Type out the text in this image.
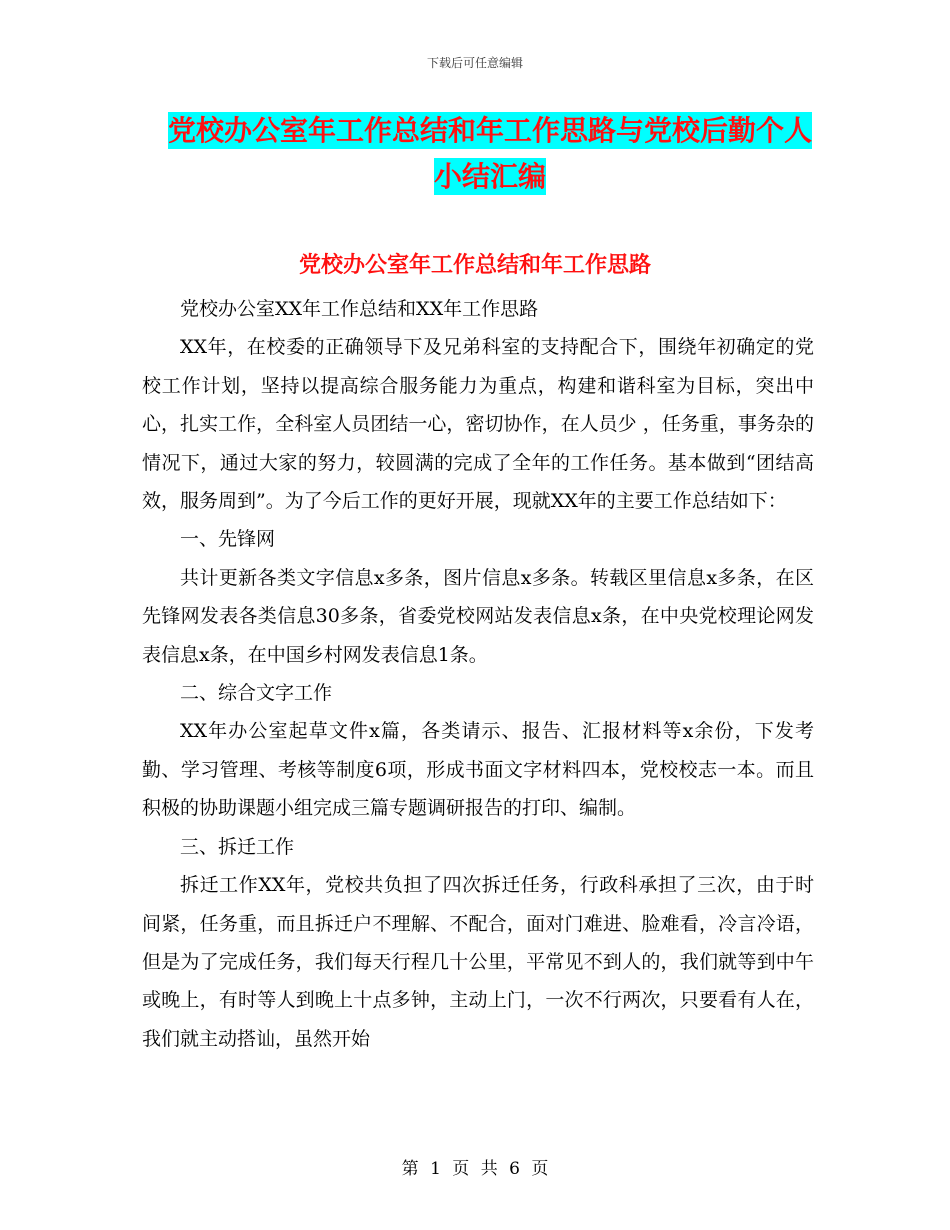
下载后可任意编辑
党校办公室年工作总结和年工作思路与党校后勤个人
小结汇编
党校办公室年工作总结和年工作思路

党校办公室XX年工作总结和XX年工作思路

XX年，在校委的正确领导下及兄弟科室的支持配合下，围绕年初确定的党校工作计划，坚持以提高综合服务能力为重点，构建和谐科室为目标，突出中心，扎实工作，全科室人员团结一心，密切协作，在人员少 ，任务重，事务杂的情况下，通过大家的努力，较圆满的完成了全年的工作任务。基本做到“团结高效，服务周到”。为了今后工作的更好开展，现就XX年的主要工作总结如下：

一、先锋网

共计更新各类文字信息x多条，图片信息x多条。转载区里信息x多条，在区先锋网发表各类信息30多条，省委党校网站发表信息x条，在中央党校理论网发表信息x条，在中国乡村网发表信息1条。

二、综合文字工作

XX年办公室起草文件x篇，各类请示、报告、汇报材料等x余份，下发考勤、学习管理、考核等制度6项，形成书面文字材料四本，党校校志一本。而且积极的协助课题小组完成三篇专题调研报告的打印、编制。

三、拆迁工作

拆迁工作XX年，党校共负担了四次拆迁任务，行政科承担了三次，由于时间紧，任务重，而且拆迁户不理解、不配合，面对门难进、脸难看，冷言冷语，但是为了完成任务，我们每天行程几十公里，平常见不到人的，我们就等到中午或晚上，有时等人到晚上十点多钟，主动上门，一次不行两次，只要看有人在，我们就主动搭讪，虽然开始

第 1 页 共 6 页
